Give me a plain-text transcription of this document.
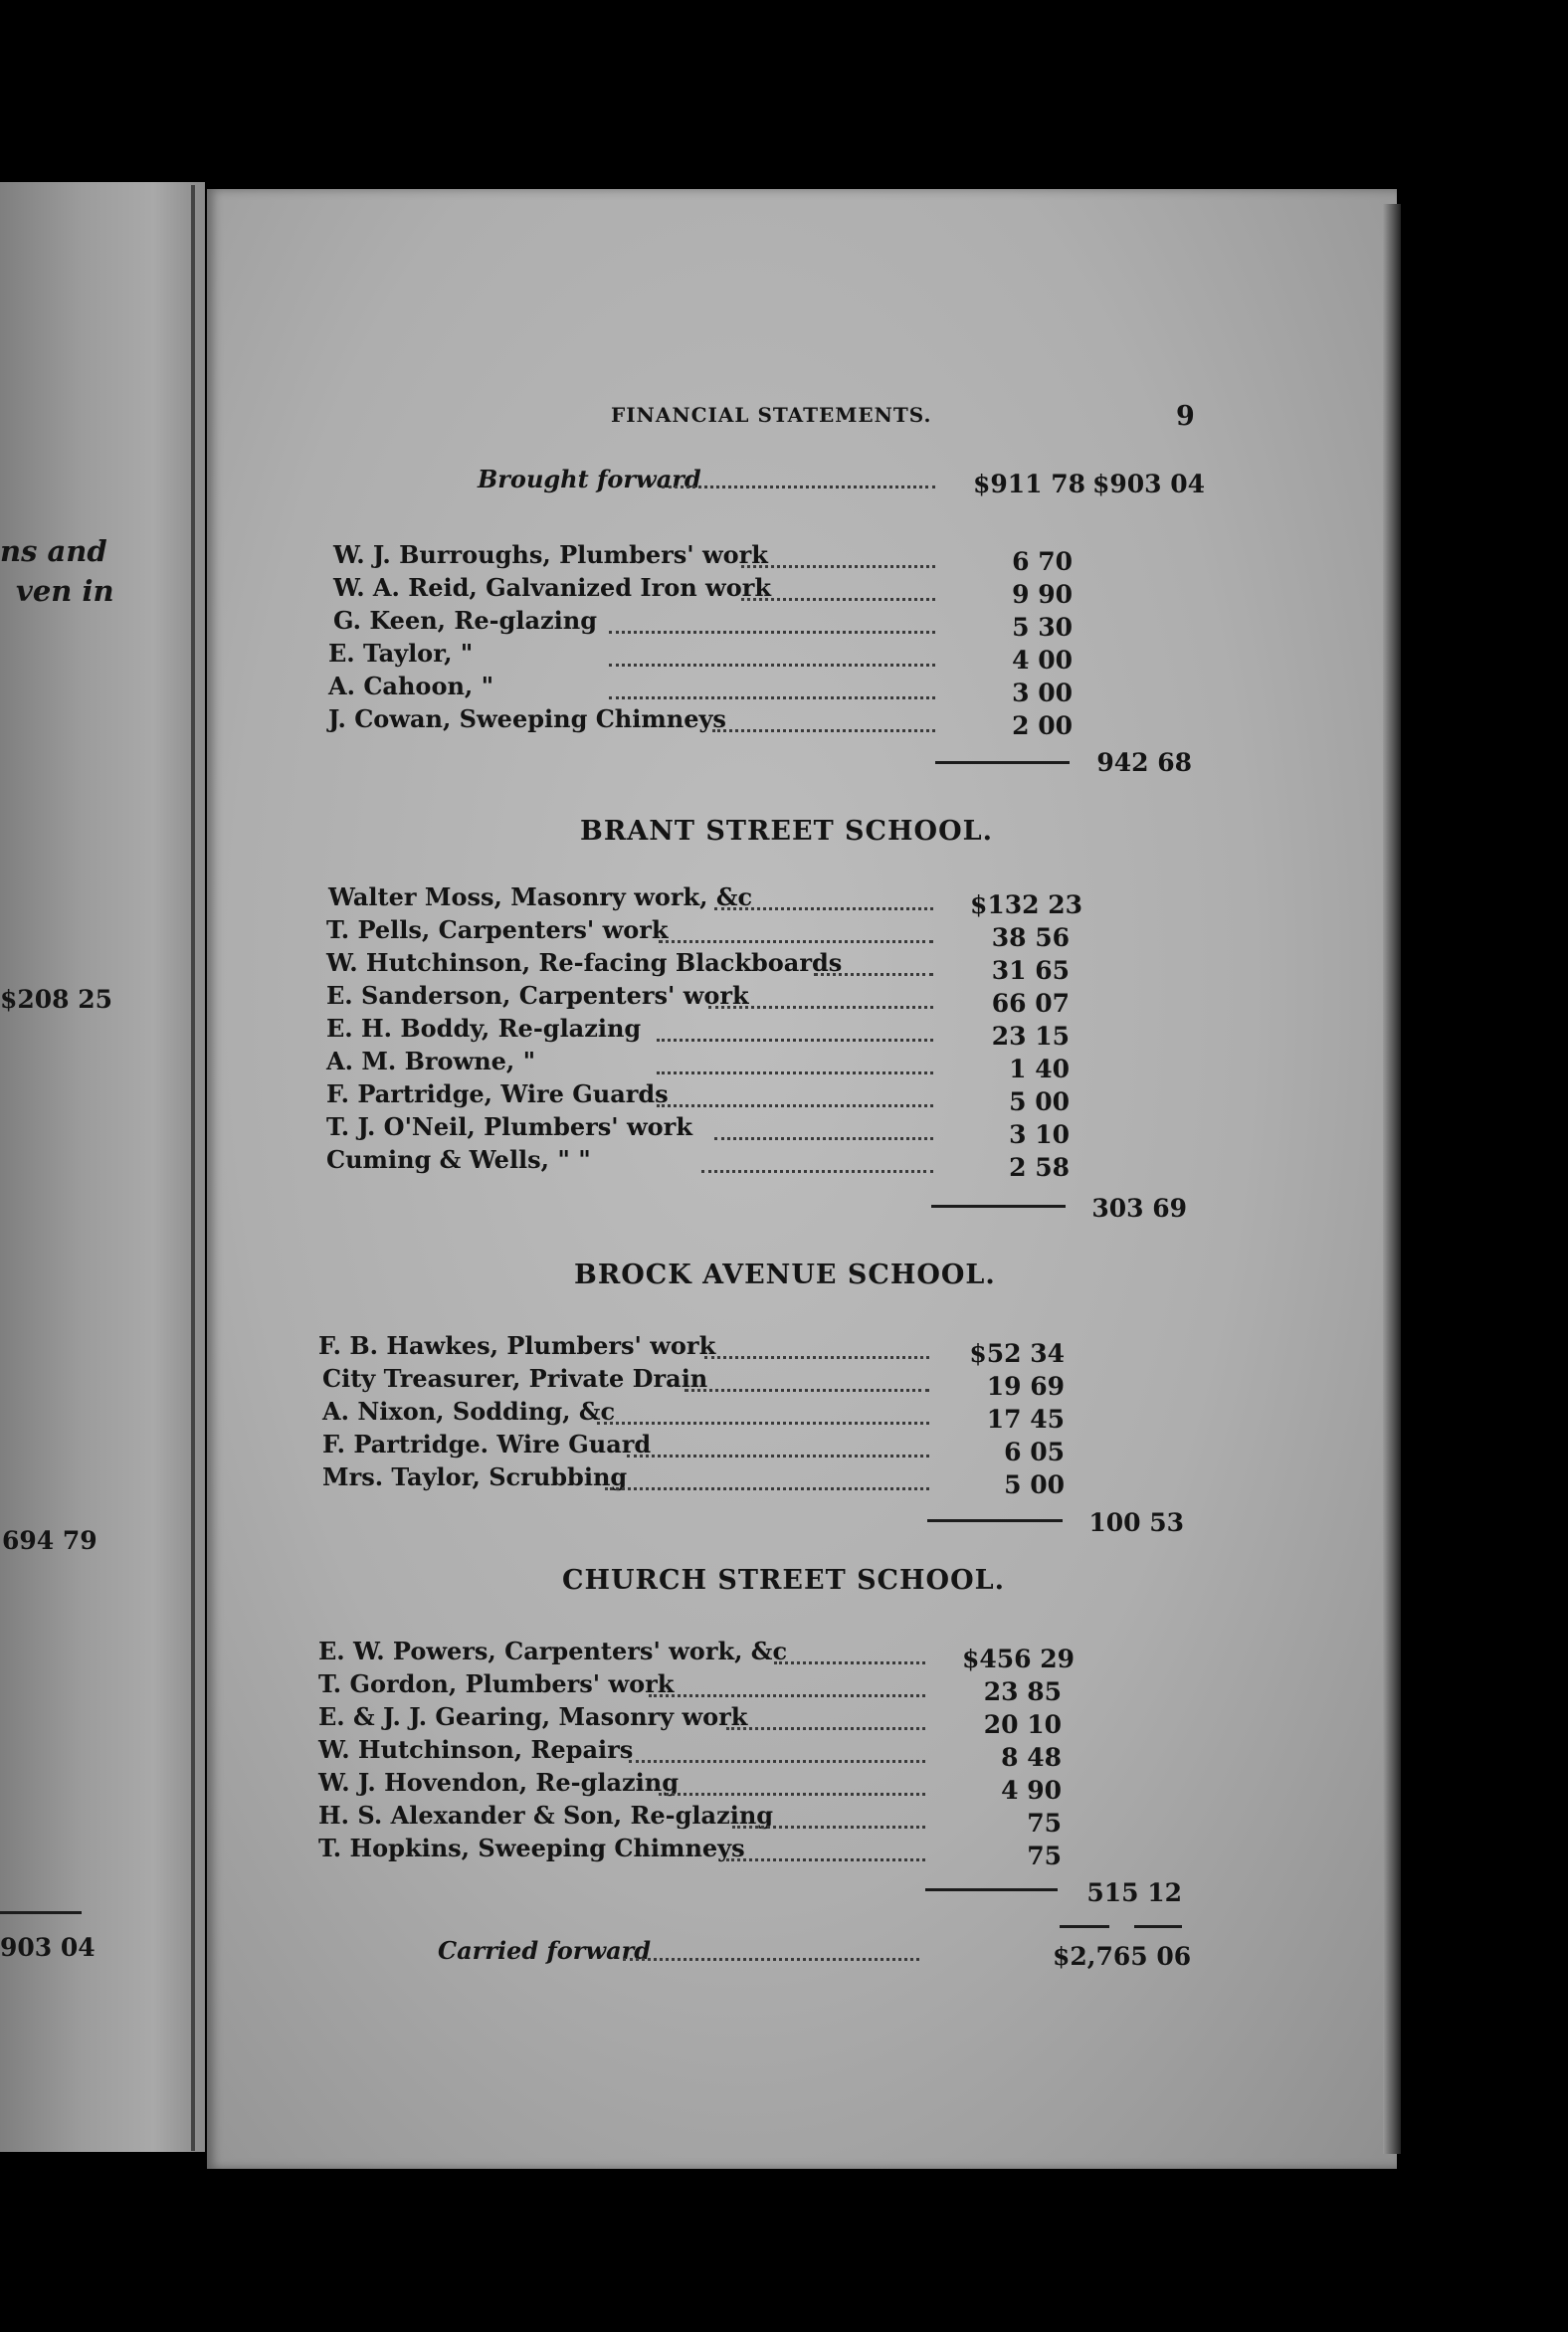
ns and
ven in
$208 25
694 79
903 04
FINANCIAL STATEMENTS.	9
Brought forward	$911 78 $903 04
W. J. Burroughs, Plumbers' work	6 70
W. A. Reid, Galvanized Iron work	9 90
G. Keen, Re-glazing	5 30
E. Taylor, "	4 00
A. Cahoon, "	3 00
J. Cowan, Sweeping Chimneys	2 00
942 68
BRANT STREET SCHOOL.
Walter Moss, Masonry work, &c	$132 23
T. Pells, Carpenters' work	38 56
W. Hutchinson, Re-facing Blackboards	31 65
E. Sanderson, Carpenters' work	66 07
E. H. Boddy, Re-glazing	23 15
A. M. Browne, "	1 40
F. Partridge, Wire Guards	5 00
T. J. O'Neil, Plumbers' work	3 10
Cuming & Wells, " "	2 58
303 69
BROCK AVENUE SCHOOL.
F. B. Hawkes, Plumbers' work	$52 34
City Treasurer, Private Drain	19 69
A. Nixon, Sodding, &c	17 45
F. Partridge. Wire Guard	6 05
Mrs. Taylor, Scrubbing	5 00
100 53
CHURCH STREET SCHOOL.
E. W. Powers, Carpenters' work, &c	$456 29
T. Gordon, Plumbers' work	23 85
E. & J. J. Gearing, Masonry work	20 10
W. Hutchinson, Repairs	8 48
W. J. Hovendon, Re-glazing	4 90
H. S. Alexander & Son, Re-glazing	75
T. Hopkins, Sweeping Chimneys	75
515 12
Carried forward	$2,765 06
